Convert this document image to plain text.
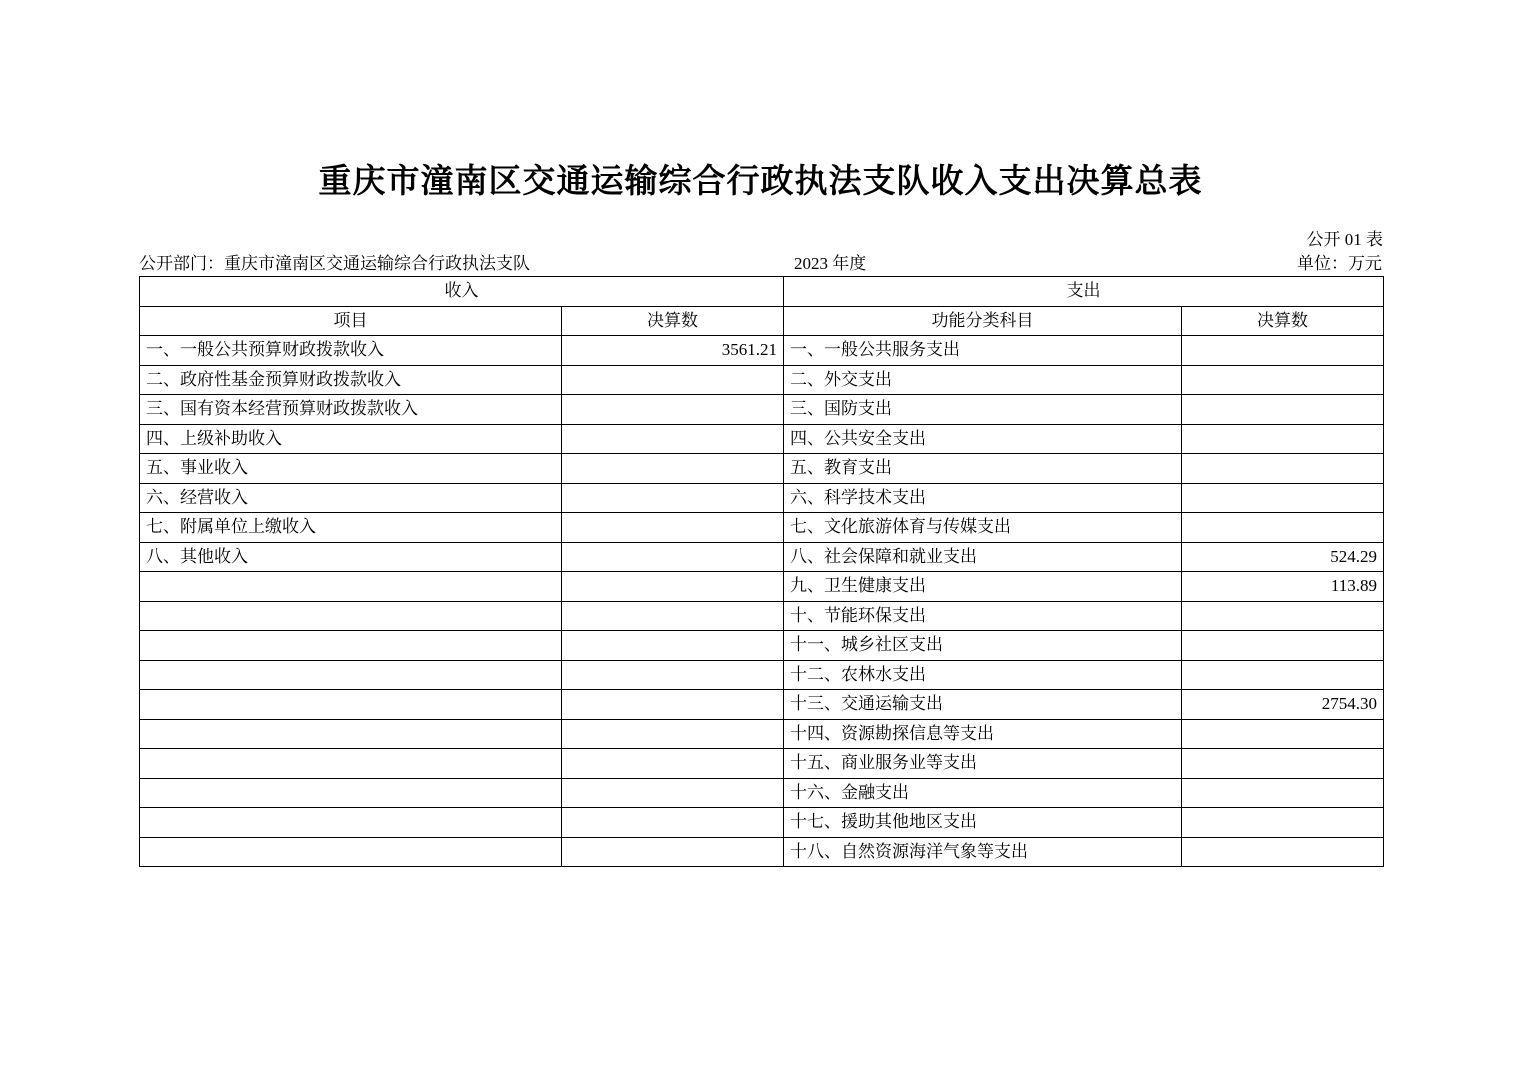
重庆市潼南区交通运输综合行政执法支队收入支出决算总表
公开 01 表
公开部门：重庆市潼南区交通运输综合行政执法支队	2023 年度	单位：万元
收入		支出	
项目	决算数	功能分类科目	决算数
一、一般公共预算财政拨款收入	3561.21	一、一般公共服务支出	
二、政府性基金预算财政拨款收入		二、外交支出	
三、国有资本经营预算财政拨款收入		三、国防支出	
四、上级补助收入		四、公共安全支出	
五、事业收入		五、教育支出	
六、经营收入		六、科学技术支出	
七、附属单位上缴收入		七、文化旅游体育与传媒支出	
八、其他收入		八、社会保障和就业支出	524.29
		九、卫生健康支出	113.89
		十、节能环保支出	
		十一、城乡社区支出	
		十二、农林水支出	
		十三、交通运输支出	2754.30
		十四、资源勘探信息等支出	
		十五、商业服务业等支出	
		十六、金融支出	
		十七、援助其他地区支出	
		十八、自然资源海洋气象等支出	
